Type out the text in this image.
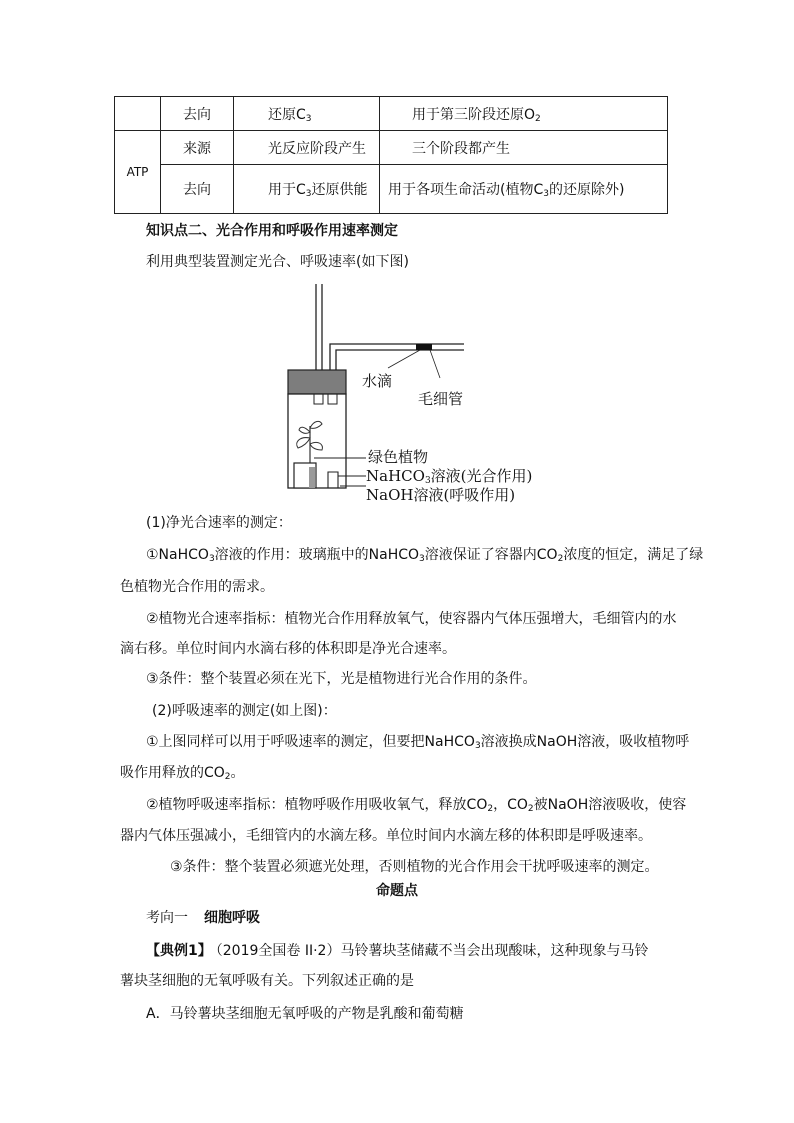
	去向	还原$C_3$	用于第三阶段还原$O_2$
ATP	来源	光反应阶段产生	三个阶段都产生
	去向	用于$C_3$还原供能	用于各项生命活动(植物$C_3$的还原除外)
知识点二、光合作用和呼吸作用速率测定
利用典型装置测定光合、呼吸速率(如下图)
水滴
毛细管
绿色植物
NaHCO$_3$溶液(光合作用)
NaOH溶液(呼吸作用)
(1)净光合速率的测定：
①NaHCO$_3$溶液的作用：玻璃瓶中的NaHCO$_3$溶液保证了容器内$CO_2$浓度的恒定，满足了绿
色植物光合作用的需求。
②植物光合速率指标：植物光合作用释放氧气，使容器内气体压强增大，毛细管内的水
滴右移。单位时间内水滴右移的体积即是净光合速率。
③条件：整个装置必须在光下，光是植物进行光合作用的条件。
(2)呼吸速率的测定(如上图)：
①上图同样可以用于呼吸速率的测定，但要把NaHCO$_3$溶液换成NaOH溶液，吸收植物呼
吸作用释放的$CO_2$。
②植物呼吸速率指标：植物呼吸作用吸收氧气，释放$CO_2$，$CO_2$被NaOH溶液吸收，使容
器内气体压强减小，毛细管内的水滴左移。单位时间内水滴左移的体积即是呼吸速率。
③条件：整个装置必须遮光处理，否则植物的光合作用会干扰呼吸速率的测定。
命题点
考向一 细胞呼吸
【典例1】 （2019全国卷 II·2）马铃薯块茎储藏不当会出现酸味，这种现象与马铃
薯块茎细胞的无氧呼吸有关。下列叙述正确的是
A．马铃薯块茎细胞无氧呼吸的产物是乳酸和葡萄糖
